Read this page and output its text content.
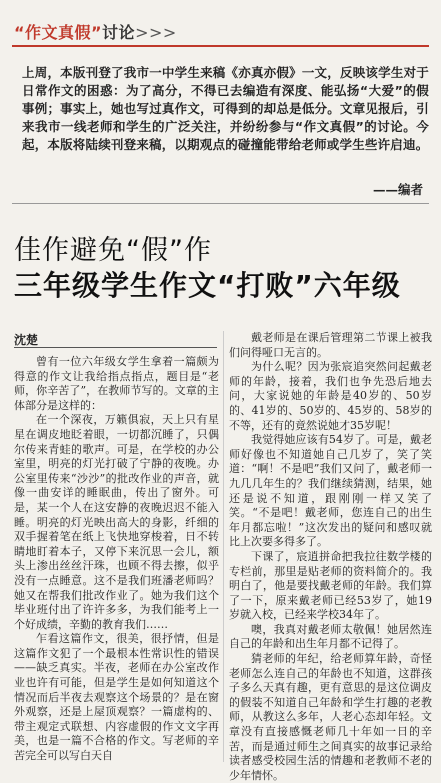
“作文真假”讨论>>>
上周，本版刊登了我市一中学生来稿《亦真亦假》一文，反映该学生对于日常作文的困惑：为了高分，不得已去编造有深度、能弘扬“大爱”的假事例；事实上，她也写过真作文，可得到的却总是低分。文章见报后，引来我市一线老师和学生的广泛关注，并纷纷参与“作文真假”的讨论。今起，本版将陆续刊登来稿，以期观点的碰撞能带给老师或学生些许启迪。
——编者
佳作避免“假”作
三年级学生作文“打败”六年级
沈楚

曾有一位六年级女学生拿着一篇颇为得意的作文让我给指点指点，题目是“老师，你辛苦了”，在教师节写的。文章的主体部分是这样的：

在一个深夜，万籁俱寂，天上只有星星在调皮地眨着眼，一切都沉睡了，只偶尔传来青蛙的歌声。可是，在学校的办公室里，明亮的灯光打破了宁静的夜晚。办公室里传来“沙沙”的批改作业的声音，就像一曲安详的睡眠曲，传出了窗外。可是，某一个人在这安静的夜晚迟迟不能入睡。明亮的灯光映出高大的身影，纤细的双手握着笔在纸上飞快地穿梭着，日不转睛地盯着本子，又停下来沉思一会儿，额头上渗出丝丝汗珠，也顾不得去擦，似乎没有一点睡意。这不是我们班潘老师吗？她又在帮我们批改作业了。她为我们这个毕业班付出了许许多多，为我们能考上一个好成绩，辛勤的教育我们……

乍看这篇作文，很美，很抒情，但是这篇作文犯了一个最根本性常识性的错误——缺乏真实。半夜，老师在办公室改作业也许有可能，但是学生是如何知道这个情况而后半夜去观察这个场景的？是在窗外观察，还是上屋顶观察？一篇虚构的、带主观定式联想、内容虚假的作文文字再美，也是一篇不合格的作文。写老师的辛苦完全可以写白天自

戴老师是在课后管理第二节课上被我们问得哑口无言的。

为什么呢？因为张宸追突然问起戴老师的年龄，接着，我们也争先恐后地去问，大家说她的年龄是40岁的、50岁的、41岁的、50岁的、45岁的、58岁的不等，还有的竟然说她才35岁呢！

我觉得她应该有54岁了。可是，戴老师好像也不知道她自己几岁了，笑了笑道：“啊！不是吧”我们又问了，戴老师一九几几年生的？我们继续猜测，结果，她还是说不知道，跟刚刚一样又笑了笑。“不是吧！戴老师，您连自己的出生年月都忘啦！”这次发出的疑问和感叹就比上次要多得多了。

下课了，宸逍拼命把我拉往数学楼的专栏前，那里是贴老师的资料简介的。我明白了，他是要找戴老师的年龄。我们算了一下，原来戴老师已经53岁了，她19岁就入校，已经来学校34年了。

噢，我真对戴老师太敬佩！她居然连自己的年龄和出生年月都不记得了。

猜老师的年纪，给老师算年龄，奇怪老师怎么连自己的年龄也不知道，这群孩子多么天真有趣，更有意思的是这位调皮的假装不知道自己年龄和学生打趣的老教师，从教这么多年，人老心态却年轻。文章没有直接感慨老师几十年如一日的辛苦，而是通过师生之间真实的故事记录给读者感受校园生活的情趣和老教师不老的少年情怀。
